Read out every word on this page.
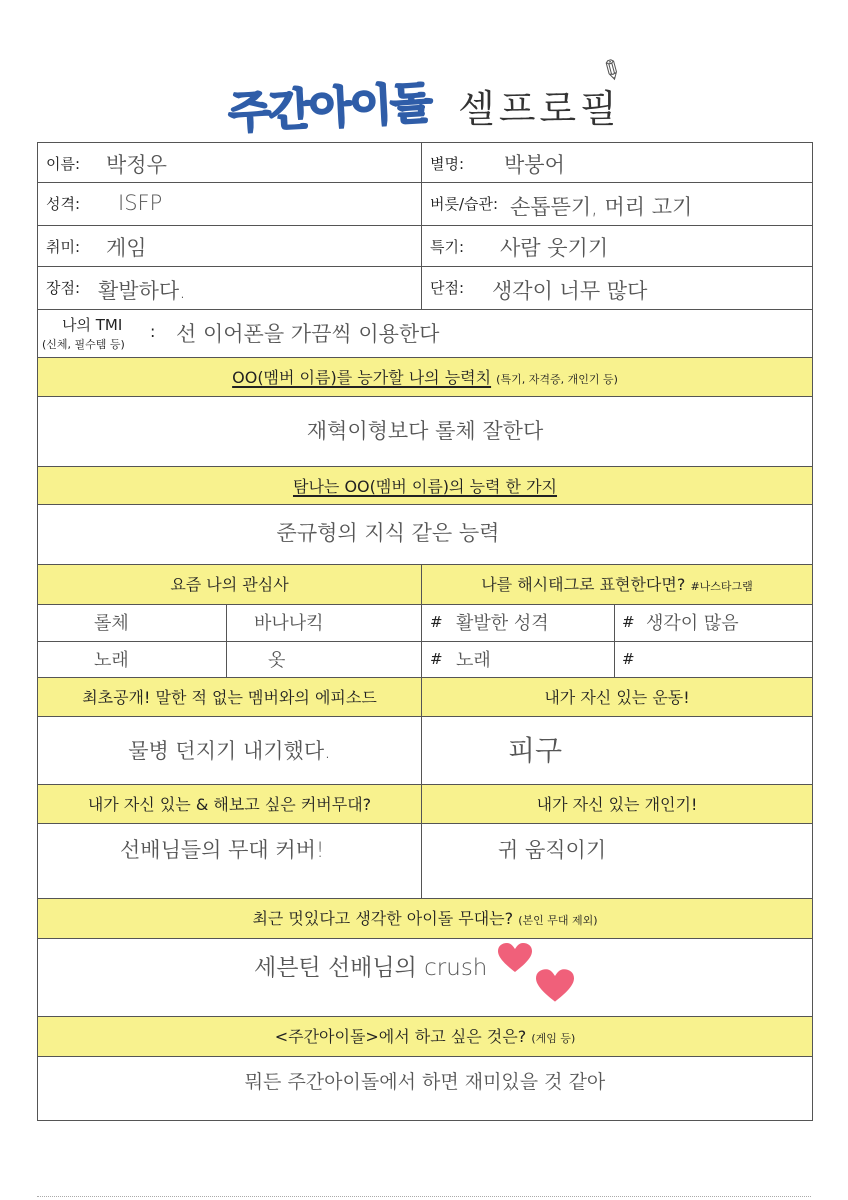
주간아이돌 셀프로필
✎
이름: 박정우	별명: 박붕어
성격: ISFP	버릇/습관: 손톱뜯기, 머리 고기
취미: 게임	특기: 사람 웃기기
장점: 활발하다.	단점: 생각이 너무 많다
나의 TMI
(신체, 필수템 등)
: 선 이어폰을 가끔씩 이용한다
OO(멤버 이름)를 능가할 나의 능력치 (특기, 자격증, 개인기 등)
재혁이형보다 롤체 잘한다
탐나는 OO(멤버 이름)의 능력 한 가지
준규형의 지식 같은 능력
요즘 나의 관심사	나를 해시태그로 표현한다면? #나스타그램
롤체	바나나킥	# 활발한 성격	# 생각이 많음
노래	옷	# 노래	#
최초공개! 말한 적 없는 멤버와의 에피소드	내가 자신 있는 운동!
물병 던지기 내기했다.	피구
내가 자신 있는 & 해보고 싶은 커버무대?	내가 자신 있는 개인기!
선배님들의 무대 커버!	귀 움직이기
최근 멋있다고 생각한 아이돌 무대는? (본인 무대 제외)
세븐틴 선배님의 crush
<주간아이돌>에서 하고 싶은 것은? (게임 등)
뭐든 주간아이돌에서 하면 재미있을 것 같아
